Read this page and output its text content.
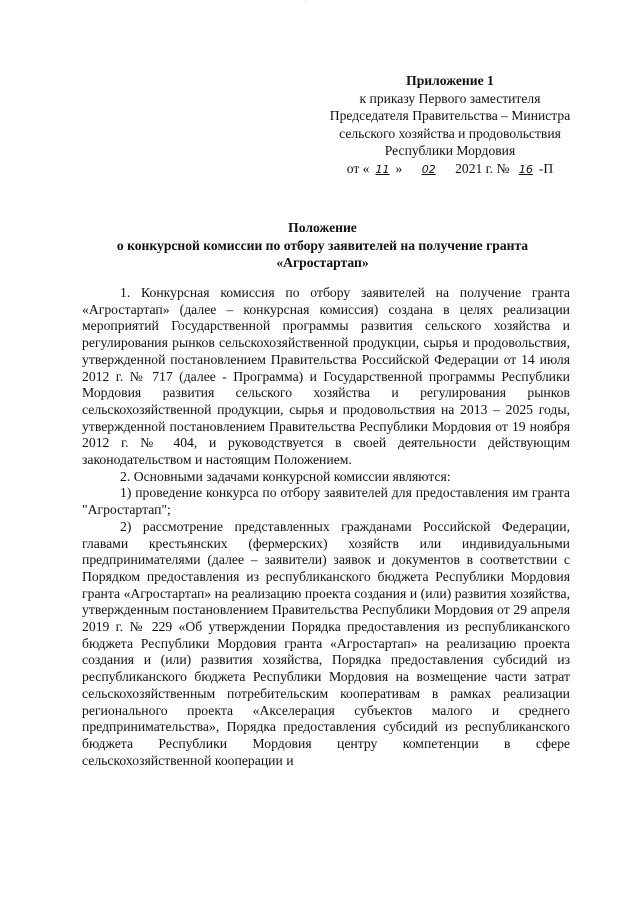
·
Приложение 1
к приказу Первого заместителя
Председателя Правительства – Министра
сельского хозяйства и продовольствия
Республики Мордовия
от « 11 » 02 2021 г. № 16 -П
Положение
о конкурсной комиссии по отбору заявителей на получение гранта
«Агростартап»

1. Конкурсная комиссия по отбору заявителей на получение гранта «Агростартап» (далее – конкурсная комиссия) создана в целях реализации мероприятий Государственной программы развития сельского хозяйства и регулирования рынков сельскохозяйственной продукции, сырья и продовольствия, утвержденной постановлением Правительства Российской Федерации от 14 июля 2012 г. № 717 (далее - Программа) и Государственной программы Республики Мордовия развития сельского хозяйства и регулирования рынков сельскохозяйственной продукции, сырья и продовольствия на 2013 – 2025 годы, утвержденной постановлением Правительства Республики Мордовия от 19 ноября 2012 г. № 404, и руководствуется в своей деятельности действующим законодательством и настоящим Положением.

2. Основными задачами конкурсной комиссии являются:

1) проведение конкурса по отбору заявителей для предоставления им гранта "Агростартап";

2) рассмотрение представленных гражданами Российской Федерации, главами крестьянских (фермерских) хозяйств или индивидуальными предпринимателями (далее – заявители) заявок и документов в соответствии с Порядком предоставления из республиканского бюджета Республики Мордовия гранта «Агростартап» на реализацию проекта создания и (или) развития хозяйства, утвержденным постановлением Правительства Республики Мордовия от 29 апреля 2019 г. № 229 «Об утверждении Порядка предоставления из республиканского бюджета Республики Мордовия гранта «Агростартап» на реализацию проекта создания и (или) развития хозяйства, Порядка предоставления субсидий из республиканского бюджета Республики Мордовия на возмещение части затрат сельскохозяйственным потребительским кооперативам в рамках реализации регионального проекта «Акселерация субъектов малого и среднего предпринимательства», Порядка предоставления субсидий из республиканского бюджета Республики Мордовия центру компетенции в сфере сельскохозяйственной кооперации и
